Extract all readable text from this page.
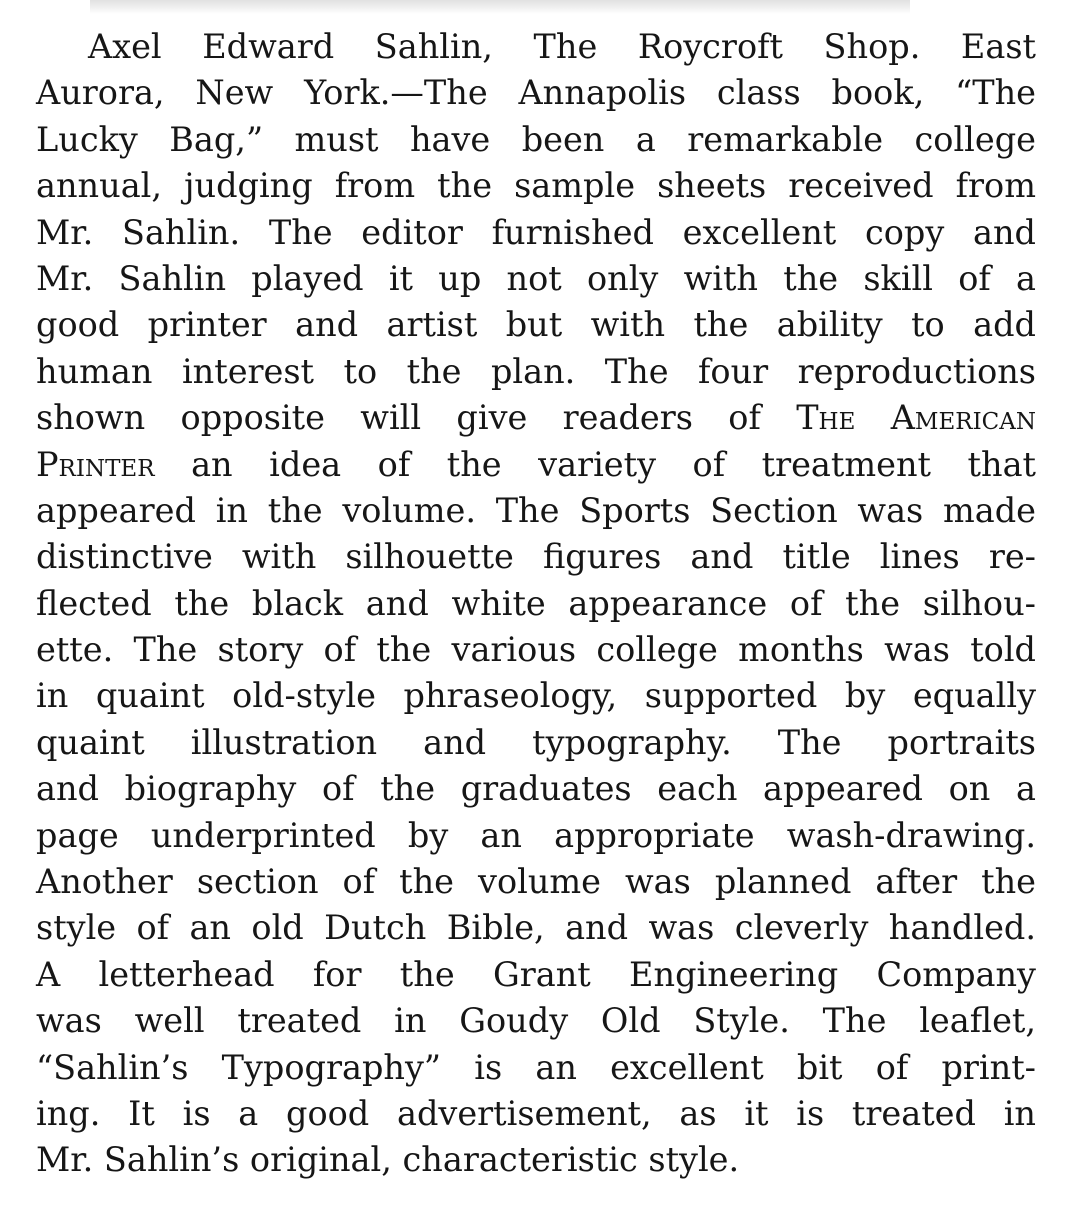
Axel Edward Sahlin, The Roycroft Shop. East
Aurora, New York.—The Annapolis class book, “The
Lucky Bag,” must have been a remarkable college
annual, judging from the sample sheets received from
Mr. Sahlin. The editor furnished excellent copy and
Mr. Sahlin played it up not only with the skill of a
good printer and artist but with the ability to add
human interest to the plan. The four reproductions
shown opposite will give readers of The American
Printer an idea of the variety of treatment that
appeared in the volume. The Sports Section was made
distinctive with silhouette figures and title lines re-
flected the black and white appearance of the silhou-
ette. The story of the various college months was told
in quaint old-style phraseology, supported by equally
quaint illustration and typography. The portraits
and biography of the graduates each appeared on a
page underprinted by an appropriate wash-drawing.
Another section of the volume was planned after the
style of an old Dutch Bible, and was cleverly handled.
A letterhead for the Grant Engineering Company
was well treated in Goudy Old Style. The leaflet,
“Sahlin’s Typography” is an excellent bit of print-
ing. It is a good advertisement, as it is treated in
Mr. Sahlin’s original, characteristic style.
